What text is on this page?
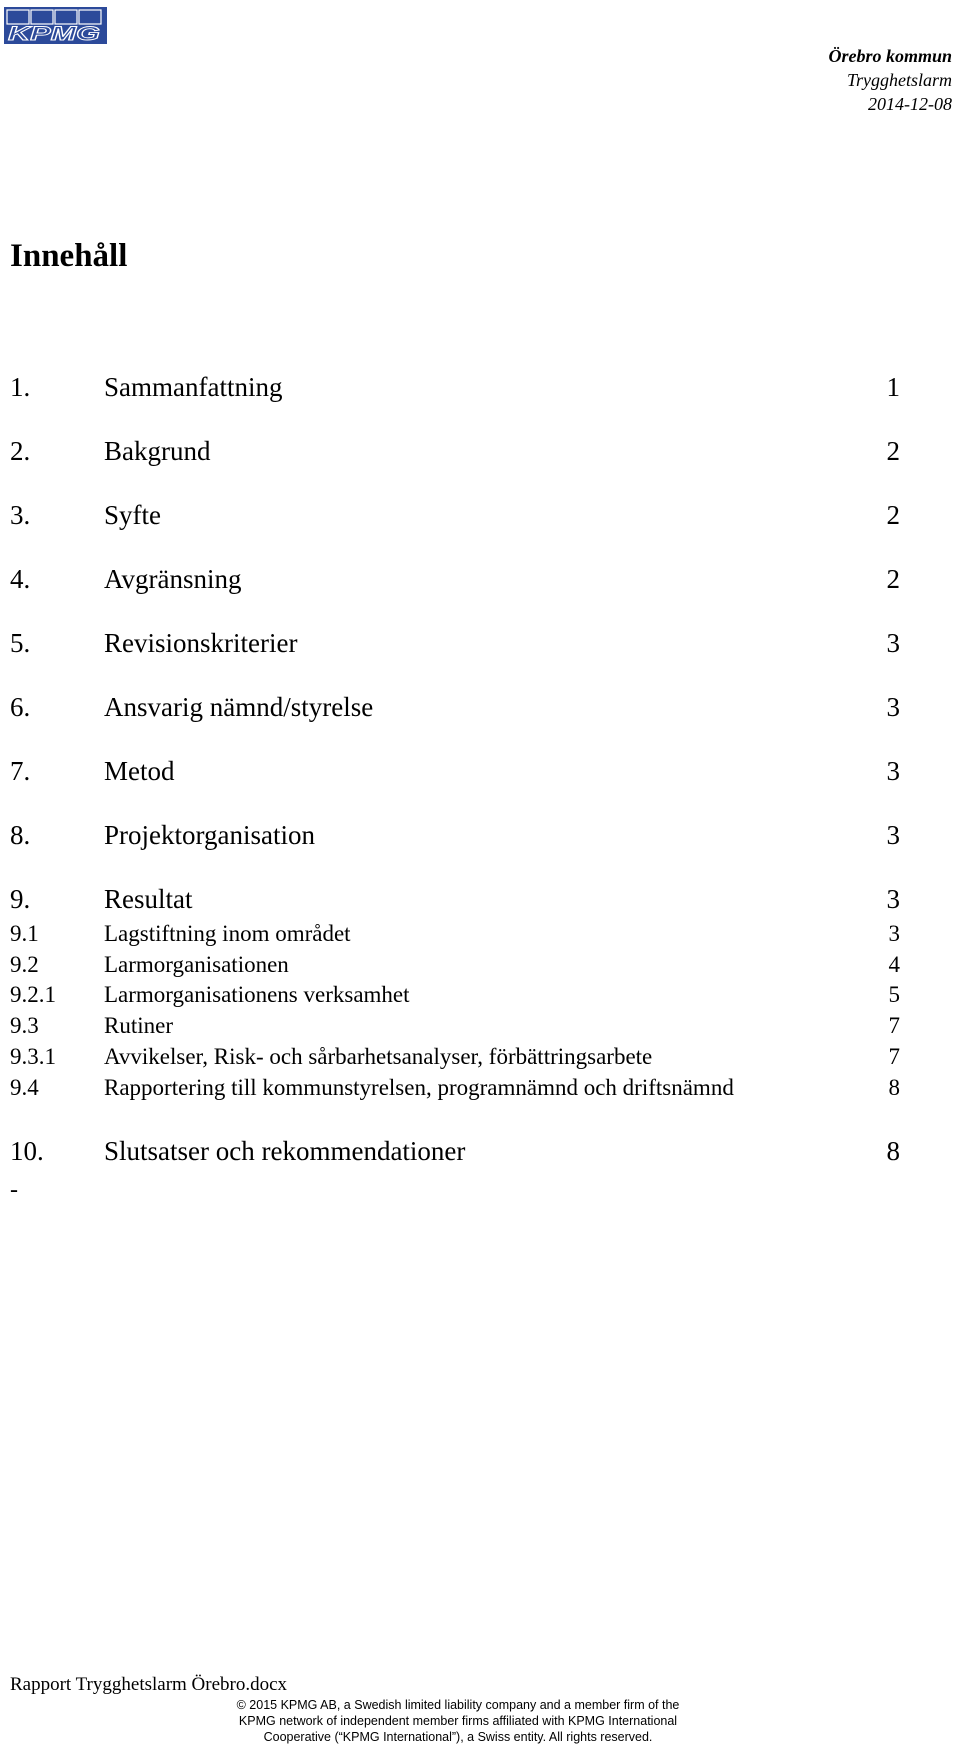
KPMG
Örebro kommun
Trygghetslarm
2014-12-08
Innehåll
1.	Sammanfattning	1
2.	Bakgrund	2
3.	Syfte	2
4.	Avgränsning	2
5.	Revisionskriterier	3
6.	Ansvarig nämnd/styrelse	3
7.	Metod	3
8.	Projektorganisation	3
9.	Resultat	3
9.1	Lagstiftning inom området	3
9.2	Larmorganisationen	4
9.2.1	Larmorganisationens verksamhet	5
9.3	Rutiner	7
9.3.1	Avvikelser, Risk- och sårbarhetsanalyser, förbättringsarbete	7
9.4	Rapportering till kommunstyrelsen, programnämnd och driftsnämnd	8
10.	Slutsatser och rekommendationer	8
-
Rapport Trygghetslarm Örebro.docx
© 2015 KPMG AB, a Swedish limited liability company and a member firm of the
KPMG network of independent member firms affiliated with KPMG International
Cooperative (“KPMG International”), a Swiss entity. All rights reserved.
